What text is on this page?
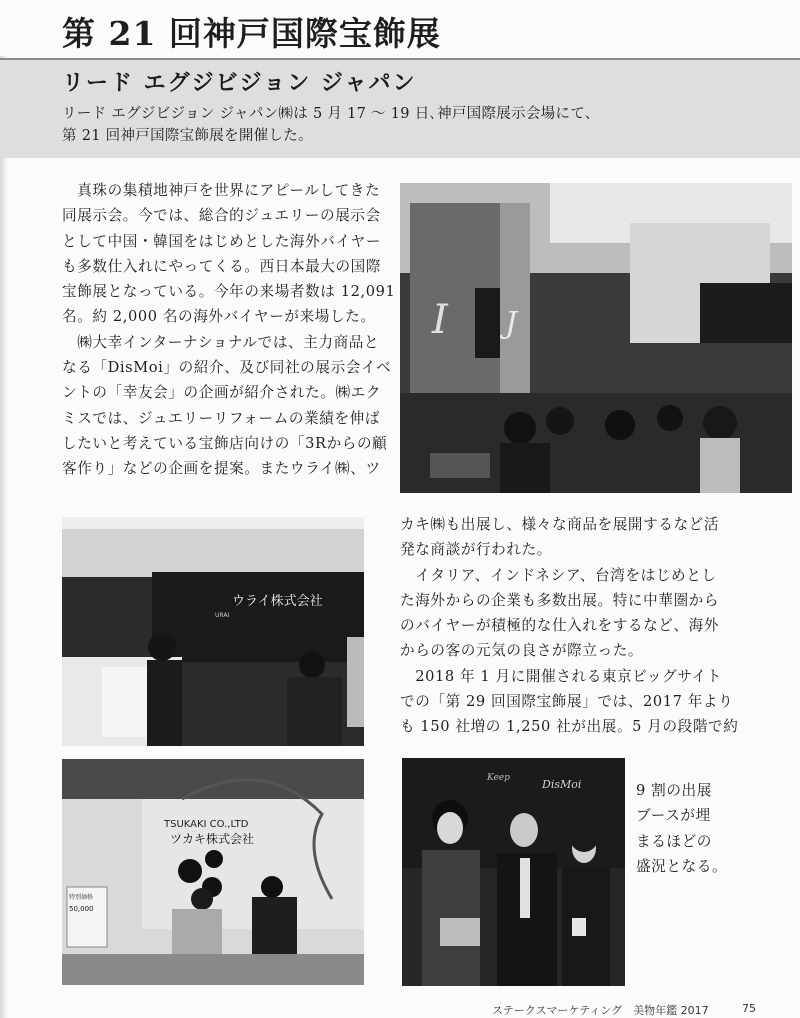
第 21 回神戸国際宝飾展
リード エグジビジョン ジャパン
リード エグジビジョン ジャパン㈱は 5 月 17 ～ 19 日､神戸国際展示会場にて、
第 21 回神戸国際宝飾展を開催した。
　真珠の集積地神戸を世界にアピールしてきた
同展示会。今では、総合的ジュエリーの展示会
として中国・韓国をはじめとした海外バイヤー
も多数仕入れにやってくる。西日本最大の国際
宝飾展となっている。今年の来場者数は 12,091
名。約 2,000 名の海外バイヤーが来場した。
　㈱大幸インターナショナルでは、主力商品と
なる「DisMoi」の紹介、及び同社の展示会イベ
ントの「幸友会」の企画が紹介された。㈱エク
ミスでは、ジュエリーリフォームの業績を伸ば
したいと考えている宝飾店向けの「3Rからの顧
客作り」などの企画を提案。またウライ㈱、ツ
I J
ウライ株式会社
URAI
TSUKAKI CO.,LTD
ツカキ株式会社
特別価格
50,000
カキ㈱も出展し、様々な商品を展開するなど活
発な商談が行われた。
　イタリア、インドネシア、台湾をはじめとし
た海外からの企業も多数出展。特に中華圏から
のバイヤーが積極的な仕入れをするなど、海外
からの客の元気の良さが際立った。
　2018 年 1 月に開催される東京ビッグサイト
での「第 29 回国際宝飾展」では、2017 年より
も 150 社増の 1,250 社が出展。5 月の段階で約
DisMoi
Keep
9 割の出展
ブースが埋
まるほどの
盛況となる。
ステークスマーケティング　美物年鑑 2017	75
